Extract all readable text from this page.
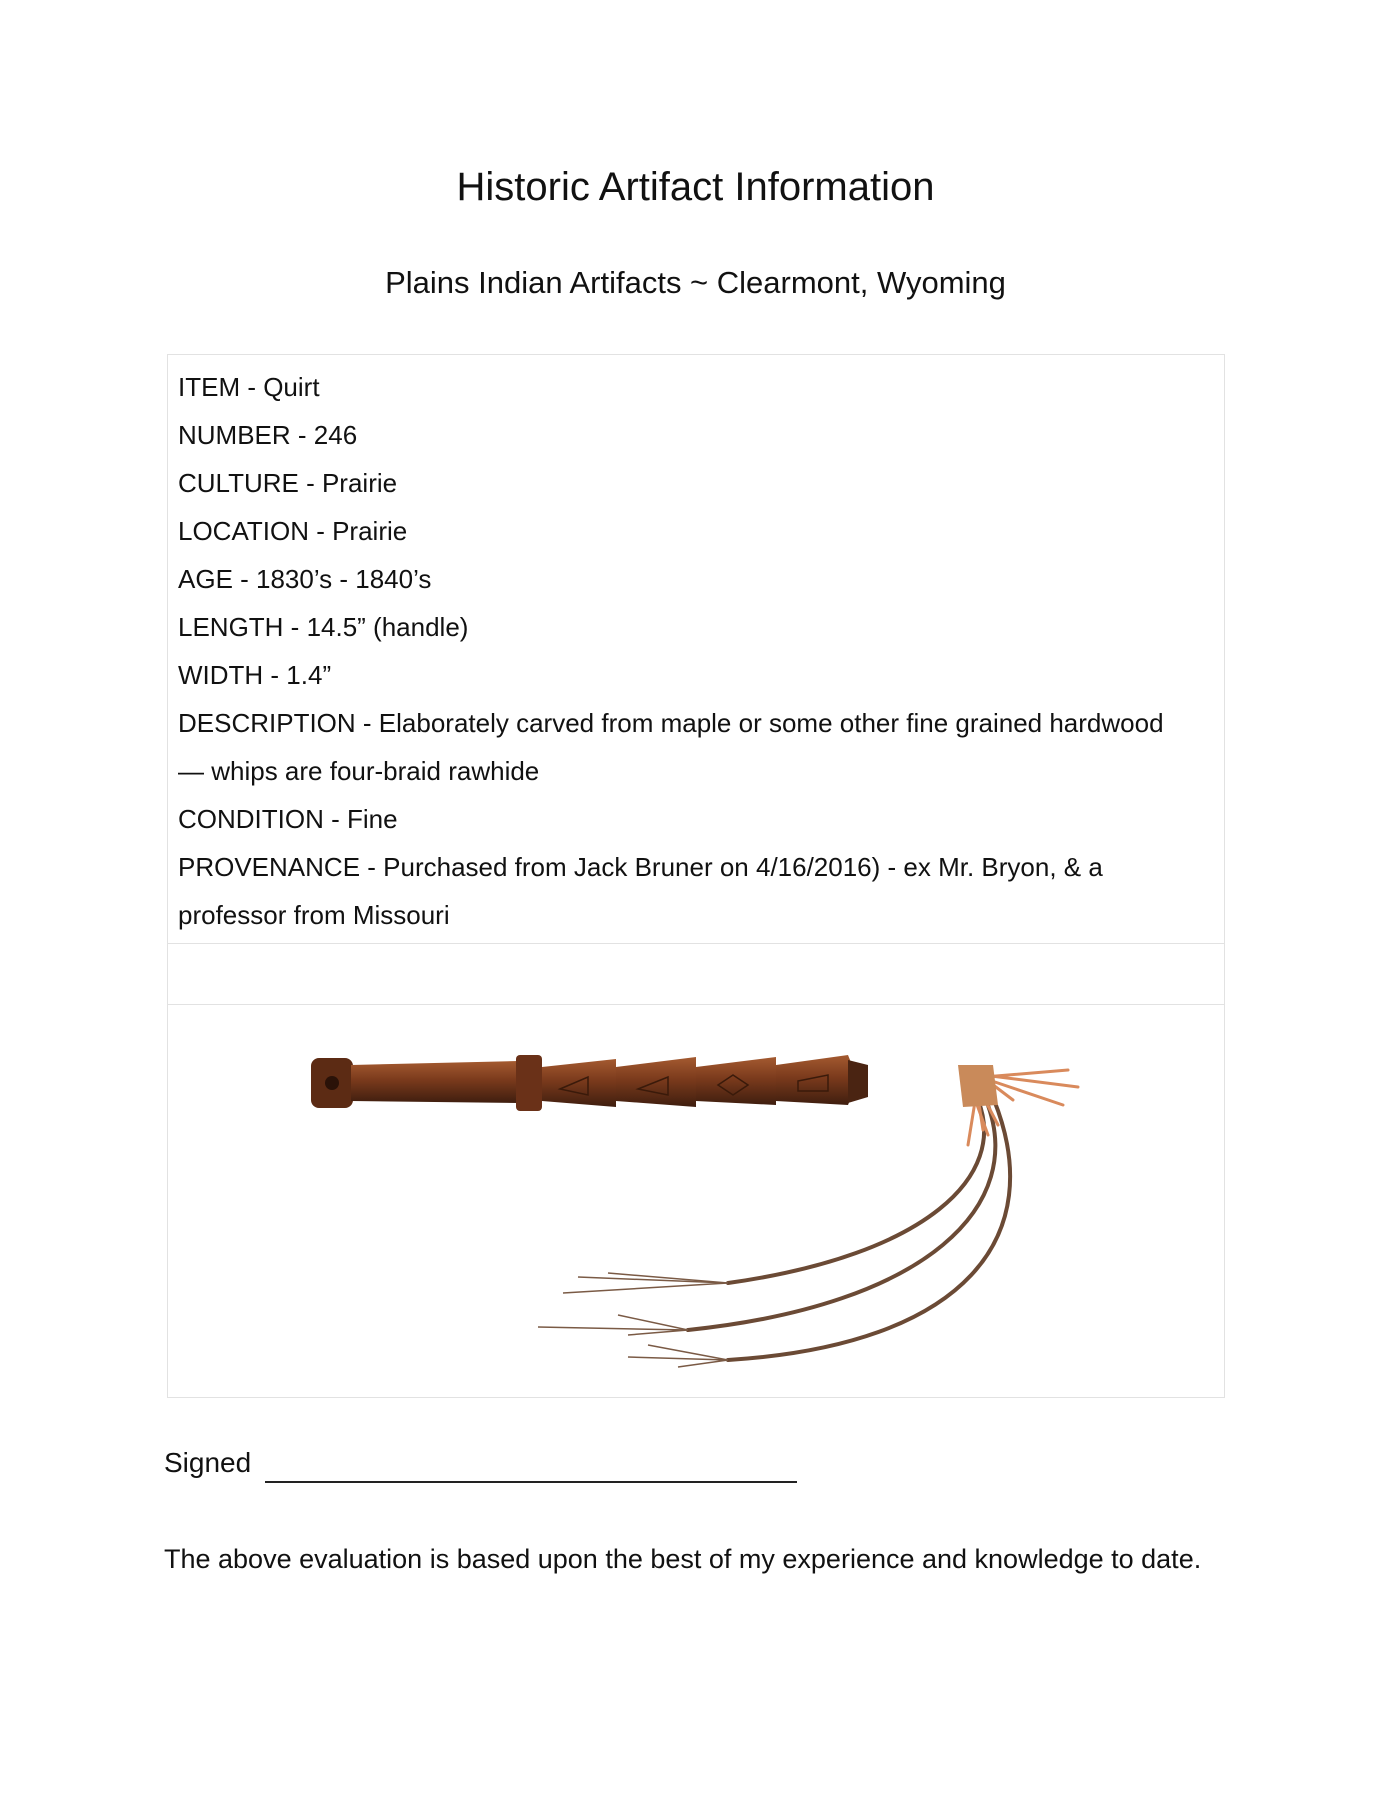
Historic Artifact Information
Plains Indian Artifacts ~ Clearmont, Wyoming
ITEM - Quirt
NUMBER - 246
CULTURE - Prairie
LOCATION - Prairie
AGE - 1830’s - 1840’s
LENGTH - 14.5” (handle)
WIDTH - 1.4”
DESCRIPTION - Elaborately carved from maple or some other fine grained hardwood
— whips are four-braid rawhide
CONDITION - Fine
PROVENANCE - Purchased from Jack Bruner on 4/16/2016) - ex Mr. Bryon, & a
professor from Missouri
Signed
The above evaluation is based upon the best of my experience and knowledge to date.
